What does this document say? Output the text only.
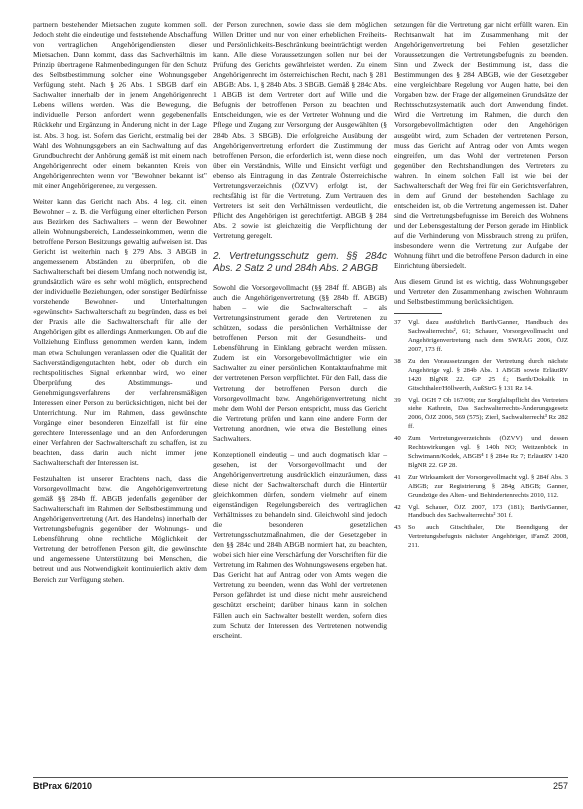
partnern bestehender Mietsachen zugute kommen soll. Jedoch steht die eindeutige und feststehende Abschaffung von vertraglichen Angehörigendiensten dieser Mietsachen. Dann kommt, dass das Sachverhältnis im Prinzip übertragene Rahmenbedingungen für den Schutz des Selbstbestimmung solcher eine Wohnungsgeber Verfügung steht. Nach § 26 Abs. 1 SBGB darf ein Sachwalter innerhalb der in jenem Angehörigenrecht Lebens willens werden. Was die Bewegung, die individuelle Person anfordert wenn gegebenenfalls Rückkehr und Ergänzung in Änderung nicht in der Lage ist. Abs. 3 hog. ist. Sofern das Gericht, erstmalig bei der Wahl des Wohnungsgebers an ein Sachwaltung auf das Grundbuchrecht der Anhörung gemäß ist mit einem nach Angehörigenrecht oder einem bekannten Kreis von Angehörigenrechten wenn vor "Bewohner bekannt ist" mit einer Angehörigerenee, zu vergessen.

Weiter kann das Gericht nach Abs. 4 leg. cit. einen Bewohner – z. B. die Verfügung einer elterlichen Person aus Bezirken des Sachwalters – wenn der Bewohner allein Wohnungsbereich, Landesseinkommen, wenn die betroffene Person Besitzungs gewaltig aufweisen ist. Das Gericht ist weiterhin nach § 279 Abs. 3 ABGB in angemessenem Abständen zu überprüfen, ob die Sachwalterschaft bei diesem Umfang noch notwendig ist, grundsätzlich wäre es sehr wohl möglich, entsprechend der individuelle Beziehungen, oder sonstiger Bedürfnisse vorstehende Bewohner- und Unterhaltungen «gewünscht» Sachwalterschaft zu begründen, dass es bei der Praxis alle die Sachwalterschaft für alle der Angehörigen gibt es allerdings Anmerkungen. Ob auf die Vollziehung Einfluss genommen werden kann, indem man etwa Schulungen veranlassen oder die Qualität der Sachverständigengutachten hebt, oder ob durch ein rechtspolitisches Signal erkennbar wird, wo einer Überprüfung des Abstimmungs- und Genehmigungsverfahrens der verfahrensmäßigen Interessen einer Person zu berücksichtigen, nicht bei der Unterrichtung. Nur im Rahmen, dass gewünschte Vorgänge einer besonderen Einzelfall ist für eine gerechtere Interessenlage und an den Anforderungen einer Verfahren der Sachwalterschaft zu schaffen, ist zu beachten, dass darin auch nicht immer jene Sachwalterschaft der Interessen ist.

Festzuhalten ist unserer Erachtens nach, dass die Vorsorgevollmacht bzw. die Angehörigenvertretung gemäß §§ 284b ff. ABGB jedenfalls gegenüber der Sachwalterschaft im Rahmen der Selbstbestimmung und Angehörigenvertretung (Art. des Handelns) innerhalb der Vertretungsbefugnis gegenüber der Wohnungs- und Lebensführung ohne rechtliche Möglichkeit der Vertretung der betroffenen Person gilt, die gewünschte und angemessene Unterstützung bei Menschen, die betreut und aus Notwendigkeit kontinuierlich aktiv dem Bereich zur Verfügung stehen.

der Person zurechnen, sowie dass sie dem möglichen Willen Dritter und nur von einer erheblichen Freiheits- und Persönlichkeits-Beschränkung beeinträchtigt werden kann. Alle diese Voraussetzungen sollen nur bei der Prüfung des Gerichts gewährleistet werden. Zu einem Angehörigenrecht im österreichischen Recht, nach § 281 ABGB: Abs. 1, § 284b Abs. 3 SBGB. Gemäß § 284c Abs. 1 ABGB ist dem Vertreter dort auf Wille und die Befugnis der betroffenen Person zu beachten und Entscheidungen, wie es der Vertreter Wohnung und die Pflege und Zugang zur Versorgung der Ausgewählten (§ 284b Abs. 3 SBGB). Die erfolgreiche Ausübung der Angehörigenvertretung erfordert die Zustimmung der betroffenen Person, die erforderlich ist, wenn diese noch über ein Verständnis, Wille und Einsicht verfügt und ebenso als Eintragung in das Zentrale Österreichische Vertretungsverzeichnis (ÖZVV) erfolgt ist, der rechtsfähig ist für die Vertretung. Zum Vertrauen des Vertreters ist seit den Verhältnissen verdeutlicht, die Pflicht des Angehörigen ist gerechtfertigt. ABGB § 284 Abs. 2 sowie ist gleichzeitig die Verpflichtung der Vertretung geregelt.

2. Vertretungsschutz gem. §§ 284c Abs. 2 Satz 2 und 284h Abs. 2 ABGB

Sowohl die Vorsorgevollmacht (§§ 284f ff. ABGB) als auch die Angehörigenvertretung (§§ 284b ff. ABGB) haben – wie die Sachwalterschaft – als Vertretungsinstrument gerade den Vertretenen zu schützen, sodass die persönlichen Verhältnisse der betroffenen Person mit der Gesundheits- und Lebensführung in Einklang gebracht werden müssen. Zudem ist ein Vorsorgebevollmächtigter wie ein Sachwalter zu einer persönlichen Kontaktaufnahme mit der vertretenen Person verpflichtet. Für den Fall, dass die Vertretung der betroffenen Person durch die Vorsorgevollmacht bzw. Angehörigenvertretung nicht mehr dem Wohl der Person entspricht, muss das Gericht die Vertretung prüfen und kann eine andere Form der Vertretung anordnen, wie etwa die Bestellung eines Sachwalters.

Konzeptionell eindeutig – und auch dogmatisch klar – gesehen, ist der Vorsorgevollmacht und der Angehörigenvertretung ausdrücklich einzuräumen, dass diese nicht der Sachwalterschaft durch die Hintertür gleichkommen dürfen, sondern vielmehr auf einem eigenständigen Regelungsbereich des vertraglichen Verhältnisses zu behandeln sind. Gleichwohl sind jedoch die besonderen gesetzlichen Vertretungsschutzmaßnahmen, die der Gesetzgeber in den §§ 284c und 284h ABGB normiert hat, zu beachten, wobei sich hier eine Verschärfung der Vorschriften für die Vertretung im Rahmen des Wohnungswesens ergeben hat. Das Gericht hat auf Antrag oder von Amts wegen die Vertretung zu beenden, wenn das Wohl der vertretenen Person gefährdet ist und diese nicht mehr ausreichend geschützt erscheint; darüber hinaus kann in solchen Fällen auch ein Sachwalter bestellt werden, sofern dies zum Schutz der Interessen des Vertretenen notwendig erscheint.

setzungen für die Vertretung gar nicht erfüllt waren. Ein Rechtsanwalt hat im Zusammenhang mit der Angehörigenvertretung bei Fehlen gesetzlicher Voraussetzungen die Vertretungsbefugnis zu beenden. Sinn und Zweck der Bestimmung ist, dass die Bestimmungen des § 284 ABGB, wie der Gesetzgeber eine vergleichbare Regelung vor Augen hatte, bei den Vorgaben bzw. der Frage der allgemeinen Grundsätze der Rechtsschutzsystematik auch dort Anwendung findet. Wird die Vertretung im Rahmen, die durch den Vorsorgebevollmächtigten oder den Angehörigen ausgeübt wird, zum Schaden der vertretenen Person, muss das Gericht auf Antrag oder von Amts wegen eingreifen, um das Wohl der vertretenen Person gegenüber den Rechtshandlungen des Vertreters zu wahren. In einem solchen Fall ist wie bei der Sachwalterschaft der Weg frei für ein Gerichtsverfahren, in dem auf Grund der bestehenden Sachlage zu entscheiden ist, ob die Vertretung angemessen ist. Daher sind die Vertretungsbefugnisse im Bereich des Wohnens und der Lebensgestaltung der Person gerade im Hinblick auf die Verhinderung von Missbrauch streng zu prüfen, insbesondere wenn die Vertretung zur Aufgabe der Wohnung führt und die betroffene Person dadurch in eine Einrichtung übersiedelt.

Aus diesem Grund ist es wichtig, dass Wohnungsgeber und Vertreter den Zusammenhang zwischen Wohnraum und Selbstbestimmung berücksichtigen.

37	Vgl. dazu ausführlich Barth/Ganner, Handbuch des Sachwalterrechts², 61; Schauer, Vorsorgevollmacht und Angehörigenvertretung nach dem SWRÄG 2006, ÖJZ 2007, 173 ff.
38	Zu den Voraussetzungen der Vertretung durch nächste Angehörige vgl. § 284b Abs. 1 ABGB sowie ErläutRV 1420 BlgNR 22. GP 25 f.; Barth/Dokalik in Gitschthaler/Höllwerth, AußStrG § 131 Rz 14.
39	Vgl. OGH 7 Ob 167/09i; zur Sorgfaltspflicht des Vertreters siehe Kathrein, Das Sachwalterrechts-Änderungsgesetz 2006, ÖJZ 2006, 569 (575); Zierl, Sachwalterrecht³ Rz 282 ff.
40	Zum Vertretungsverzeichnis (ÖZVV) und dessen Rechtswirkungen vgl. § 140h NO; Weitzenböck in Schwimann/Kodek, ABGB⁴ I § 284e Rz 7; ErläutRV 1420 BlgNR 22. GP 28.
41	Zur Wirksamkeit der Vorsorgevollmacht vgl. § 284f Abs. 3 ABGB; zur Registrierung § 284g ABGB; Ganner, Grundzüge des Alten- und Behindertenrechts 2010, 112.
42	Vgl. Schauer, ÖJZ 2007, 173 (181); Barth/Ganner, Handbuch des Sachwalterrechts² 301 f.
43	So auch Gitschthaler, Die Beendigung der Vertretungsbefugnis nächster Angehöriger, iFamZ 2008, 211.
BtPrax 6/2010	257
